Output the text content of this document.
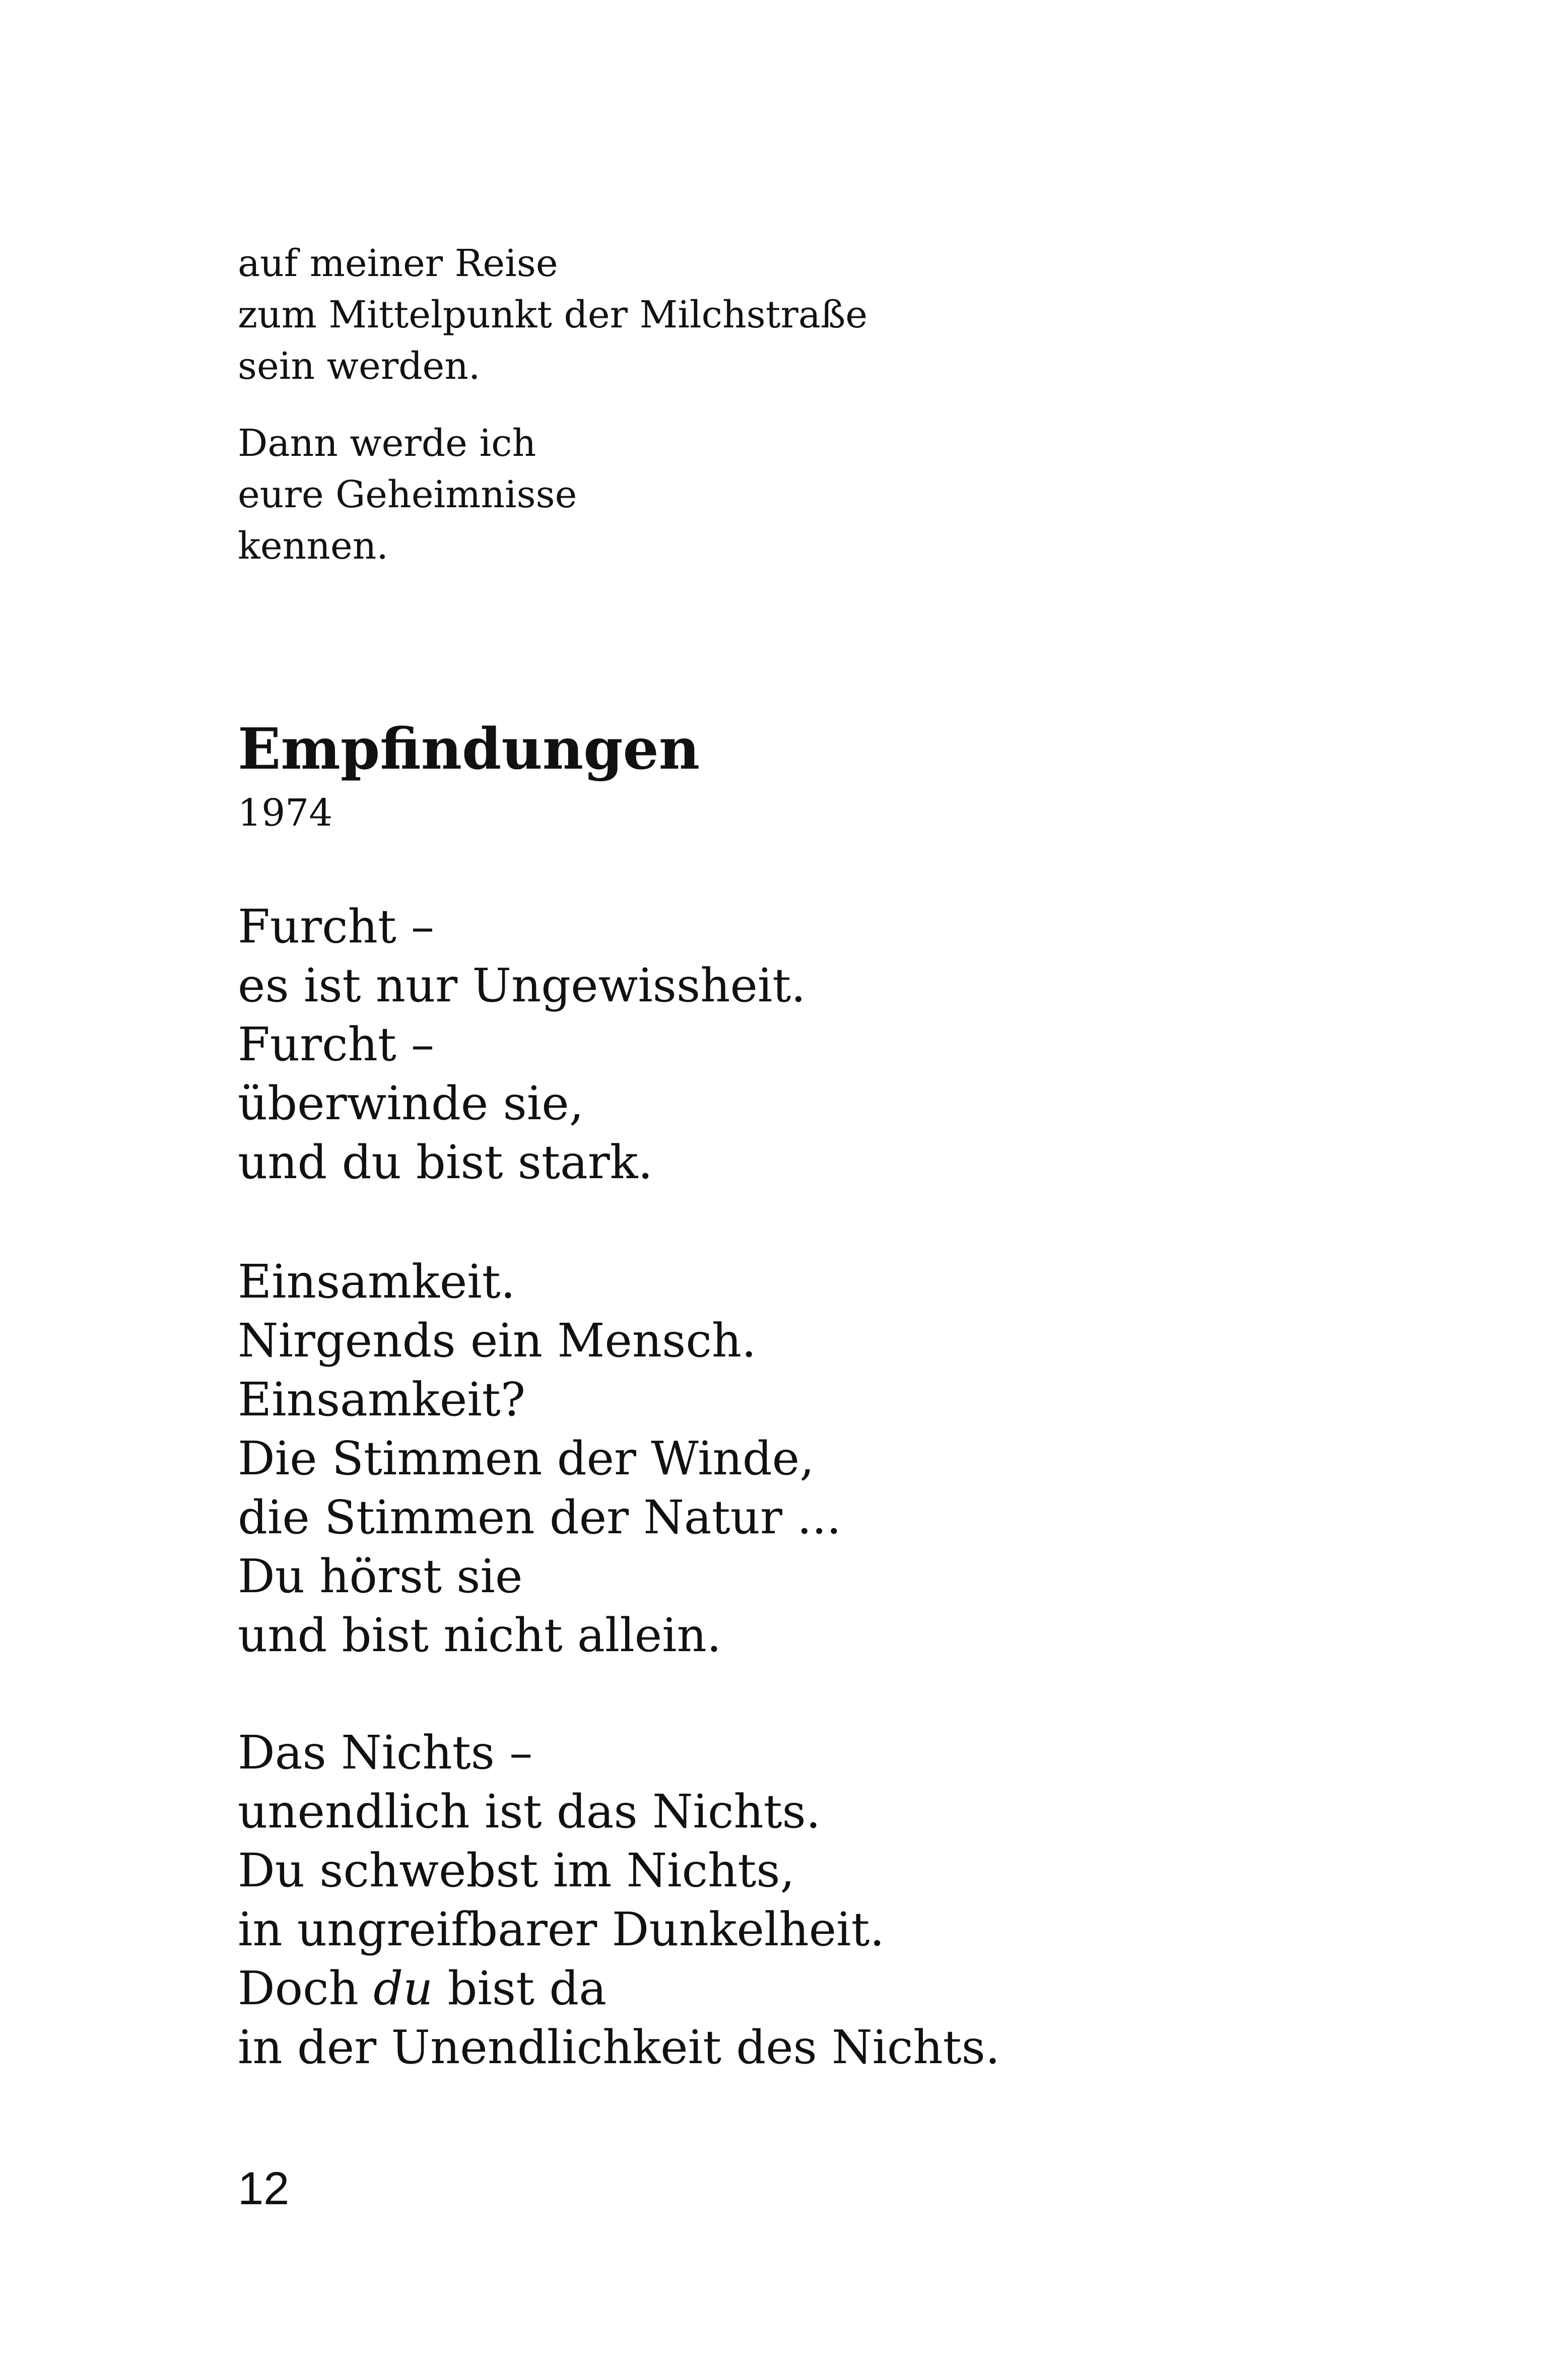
auf meiner Reise
zum Mittelpunkt der Milchstraße
sein werden.
Dann werde ich
eure Geheimnisse
kennen.
Empfindungen
1974
Furcht –
es ist nur Ungewissheit.
Furcht –
überwinde sie,
und du bist stark.
Einsamkeit.
Nirgends ein Mensch.
Einsamkeit?
Die Stimmen der Winde,
die Stimmen der Natur ...
Du hörst sie
und bist nicht allein.
Das Nichts –
unendlich ist das Nichts.
Du schwebst im Nichts,
in ungreifbarer Dunkelheit.
Doch du bist da
in der Unendlichkeit des Nichts.
12
